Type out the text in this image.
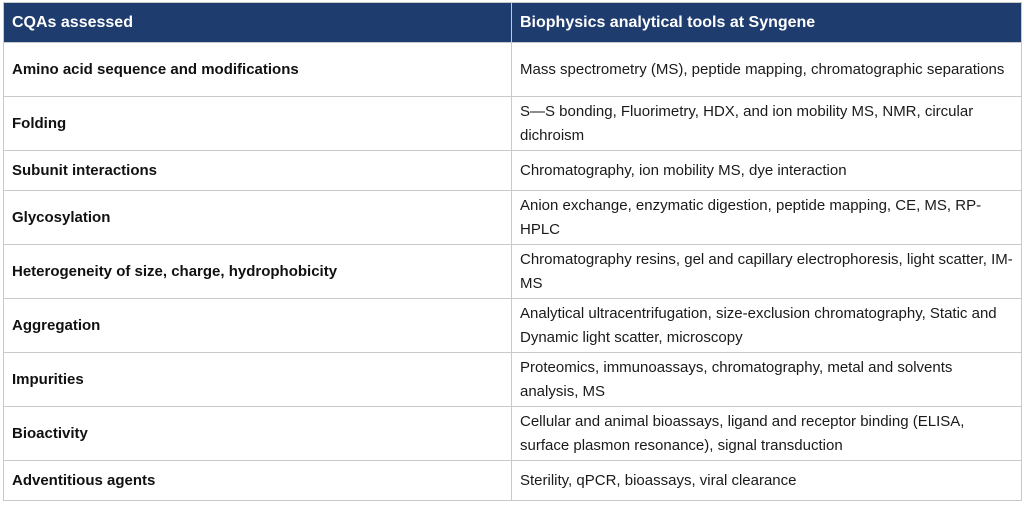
CQAs assessed	Biophysics analytical tools at Syngene
Amino acid sequence and modifications	Mass spectrometry (MS), peptide mapping, chromatographic separations
Folding	S—S bonding, Fluorimetry, HDX, and ion mobility MS, NMR, circular dichroism
Subunit interactions	Chromatography, ion mobility MS, dye interaction
Glycosylation	Anion exchange, enzymatic digestion, peptide mapping, CE, MS, RP-HPLC
Heterogeneity of size, charge, hydrophobicity	Chromatography resins, gel and capillary electrophoresis, light scatter, IM-MS
Aggregation	Analytical ultracentrifugation, size-exclusion chromatography, Static and Dynamic light scatter, microscopy
Impurities	Proteomics, immunoassays, chromatography, metal and solvents analysis, MS
Bioactivity	Cellular and animal bioassays, ligand and receptor binding (ELISA, surface plasmon resonance), signal transduction
Adventitious agents	Sterility, qPCR, bioassays, viral clearance
